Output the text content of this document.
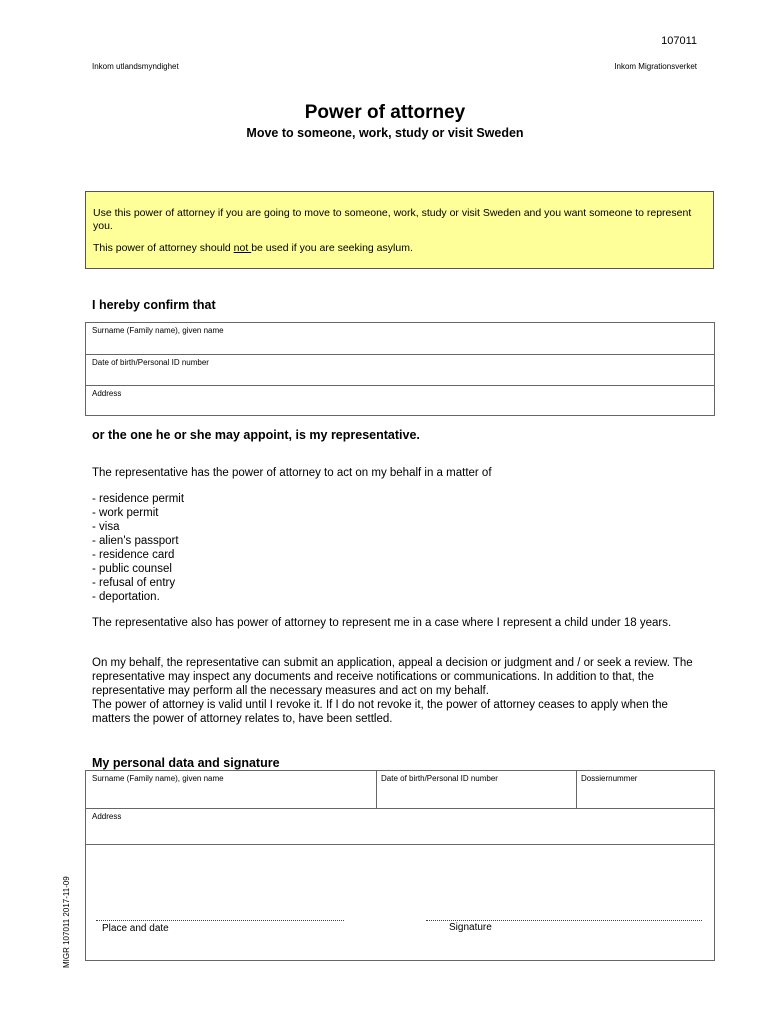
107011
Inkom utlandsmyndighet	Inkom Migrationsverket
Power of attorney
Move to someone, work, study or visit Sweden

Use this power of attorney if you are going to move to someone, work, study or visit Sweden and you want someone to represent you.

This power of attorney should not be used if you are seeking asylum.

I hereby confirm that
Surname (Family name), given name
Date of birth/Personal ID number
Address
or the one he or she may appoint, is my representative.
The representative has the power of attorney to act on my behalf in a matter of
- residence permit
- work permit
- visa
- alien's passport
- residence card
- public counsel
- refusal of entry
- deportation.
The representative also has power of attorney to represent me in a case where I represent a child under 18 years.

On my behalf, the representative can submit an application, appeal a decision or judgment and / or seek a review. The representative may inspect any documents and receive notifications or communications. In addition to that, the representative may perform all the necessary measures and act on my behalf.

The power of attorney is valid until I revoke it. If I do not revoke it, the power of attorney ceases to apply when the matters the power of attorney relates to, have been settled.

My personal data and signature
Surname (Family name), given name	Date of birth/Personal ID number	Dossiernummer
Address
Place and date	Signature
MIGR 107011 2017-11-09
